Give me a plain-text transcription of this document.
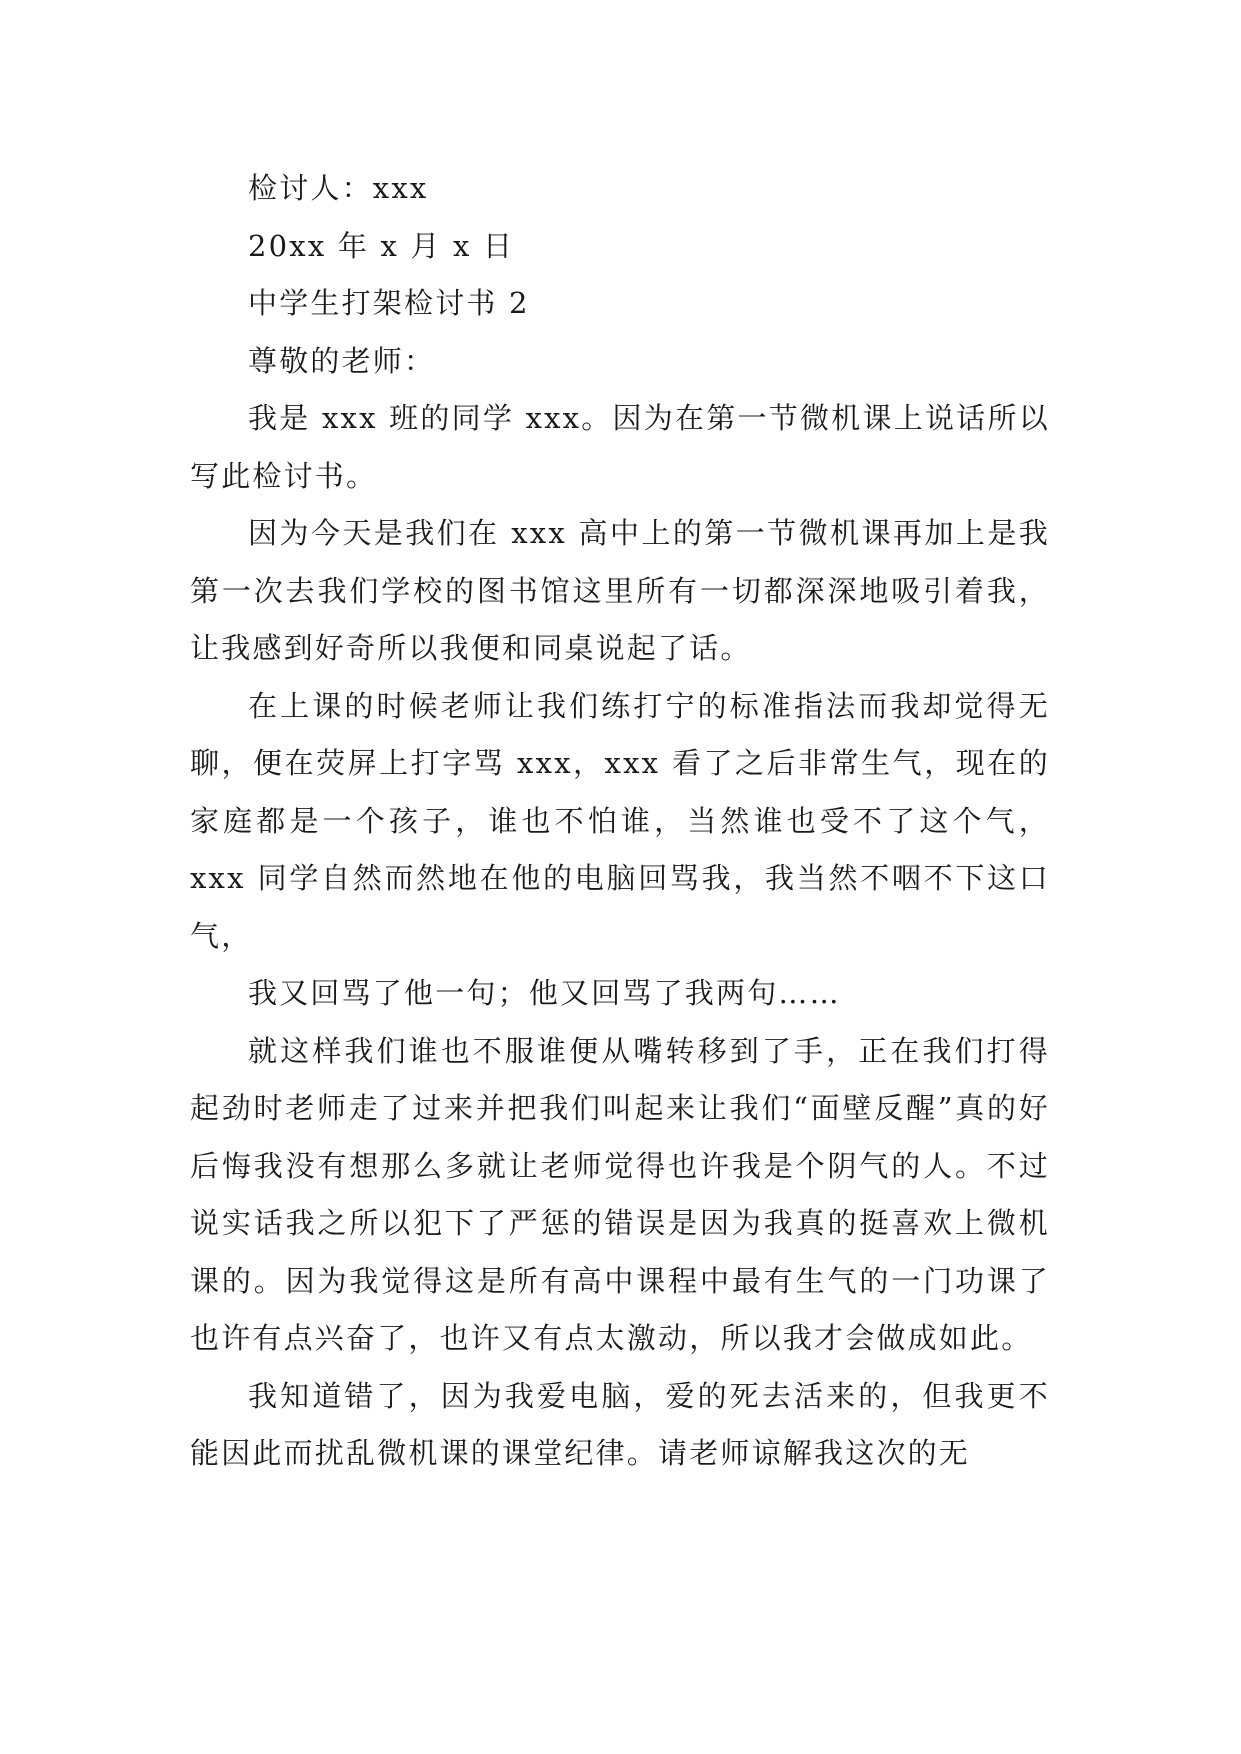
检讨人：xxx

20xx 年 x 月 x 日

中学生打架检讨书 2

尊敬的老师：

我是 xxx 班的同学 xxx。因为在第一节微机课上说话所以写此检讨书。

因为今天是我们在 xxx 高中上的第一节微机课再加上是我第一次去我们学校的图书馆这里所有一切都深深地吸引着我，让我感到好奇所以我便和同桌说起了话。

在上课的时候老师让我们练打宁的标准指法而我却觉得无聊，便在荧屏上打字骂 xxx，xxx 看了之后非常生气，现在的家庭都是一个孩子，谁也不怕谁，当然谁也受不了这个气，xxx 同学自然而然地在他的电脑回骂我，我当然不咽不下这口气，

我又回骂了他一句；他又回骂了我两句……

就这样我们谁也不服谁便从嘴转移到了手，正在我们打得起劲时老师走了过来并把我们叫起来让我们“面壁反醒”真的好后悔我没有想那么多就让老师觉得也许我是个阴气的人。不过说实话我之所以犯下了严惩的错误是因为我真的挺喜欢上微机课的。因为我觉得这是所有高中课程中最有生气的一门功课了也许有点兴奋了，也许又有点太激动，所以我才会做成如此。

我知道错了，因为我爱电脑，爱的死去活来的，但我更不能因此而扰乱微机课的课堂纪律。请老师谅解我这次的无
